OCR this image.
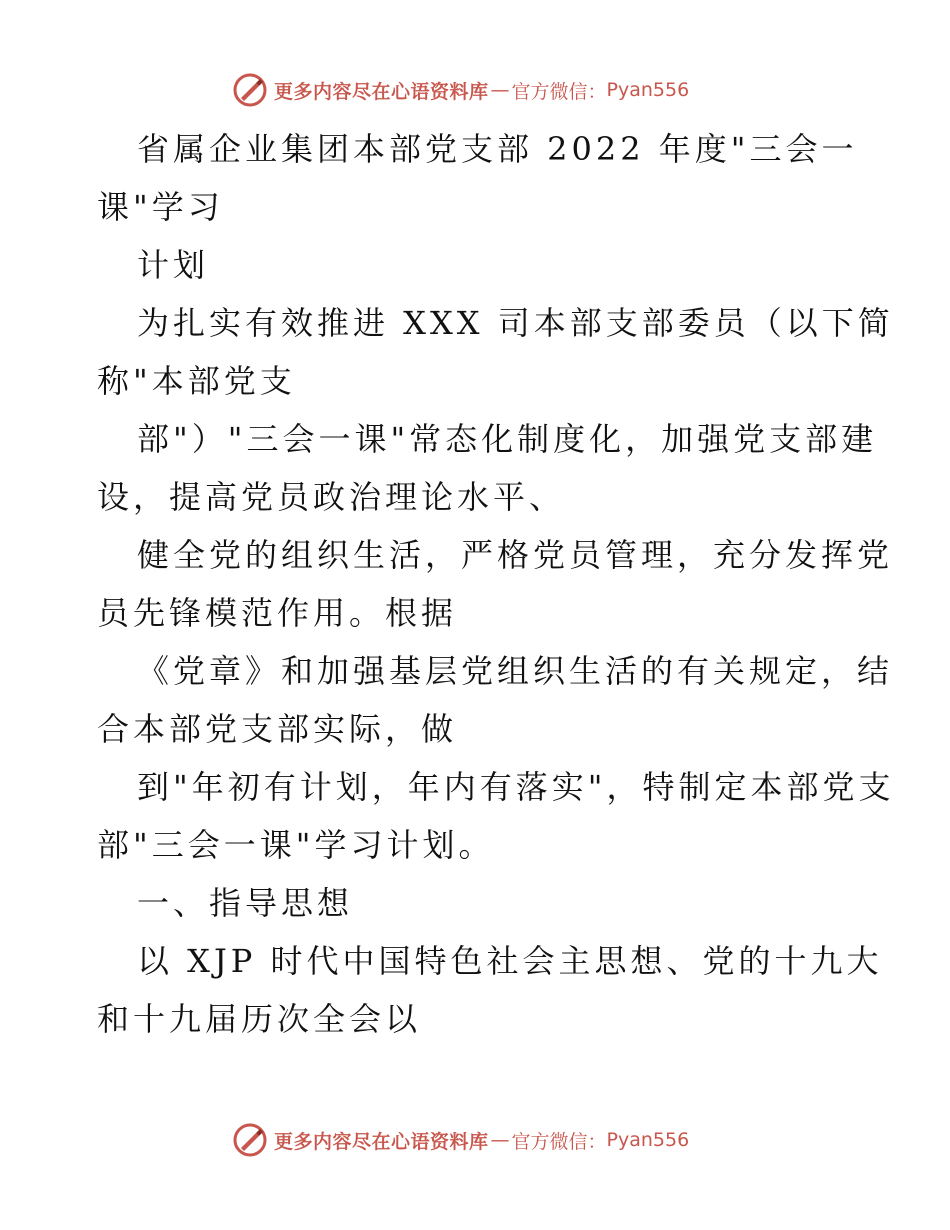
更多内容尽在心语资料库 — 官方微信： Pyan556
省属企业集团本部党支部 2022 年度"三会一
课"学习
计划
为扎实有效推进 XXX 司本部支部委员（以下简
称"本部党支
部"）"三会一课"常态化制度化，加强党支部建
设，提高党员政治理论水平、
健全党的组织生活，严格党员管理，充分发挥党
员先锋模范作用。根据
《党章》和加强基层党组织生活的有关规定，结
合本部党支部实际，做
到"年初有计划，年内有落实"，特制定本部党支
部"三会一课"学习计划。
一、指导思想
以 XJP 时代中国特色社会主思想、党的十九大
和十九届历次全会以
更多内容尽在心语资料库 — 官方微信： Pyan556
